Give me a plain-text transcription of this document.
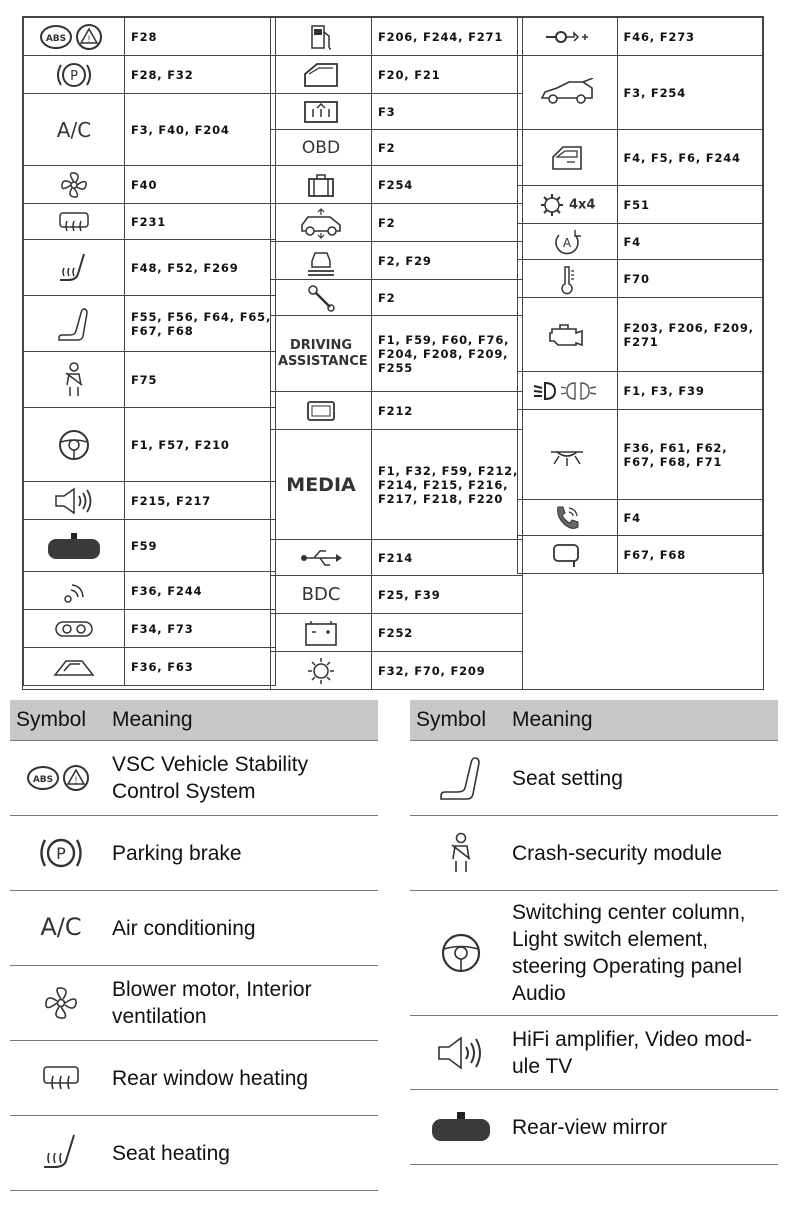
ABS !	F28

P	F28, F32
A/C	F3, F40, F204
	F40
	F231
	F48, F52, F269
	F55, F56, F64, F65, F67, F68
	F75
	F1, F57, F210
	F215, F217
	F59
	F36, F244
	F34, F73
	F36, F63
	F206, F244, F271
	F20, F21
	F3
OBD	F2
	F254
	F2
	F2, F29
	F2
DRIVING ASSISTANCE	F1, F59, F60, F76, F204, F208, F209, F255
	F212
MEDIA	F1, F32, F59, F212, F214, F215, F216, F217, F218, F220
	F214
BDC	F25, F39
	F252
	F32, F70, F209
	F46, F273
	F3, F254
	F4, F5, F6, F244
4x4	F51

A	F4
	F70
	F203, F206, F209, F271
	F1, F3, F39
	F36, F61, F62, F67, F68, F71
	F4
	F67, F68
Symbol	Meaning

ABS !	VSC Vehicle Stability Control System

P	Parking brake
A/C	Air conditioning
	Blower motor, Interior ventilation
	Rear window heating
	Seat heating
Symbol	Meaning
	Seat setting
	Crash-security module
	Switching center column, Light switch element, steering Operating panel Audio
	HiFi amplifier, Video mod-ule TV
	Rear-view mirror
